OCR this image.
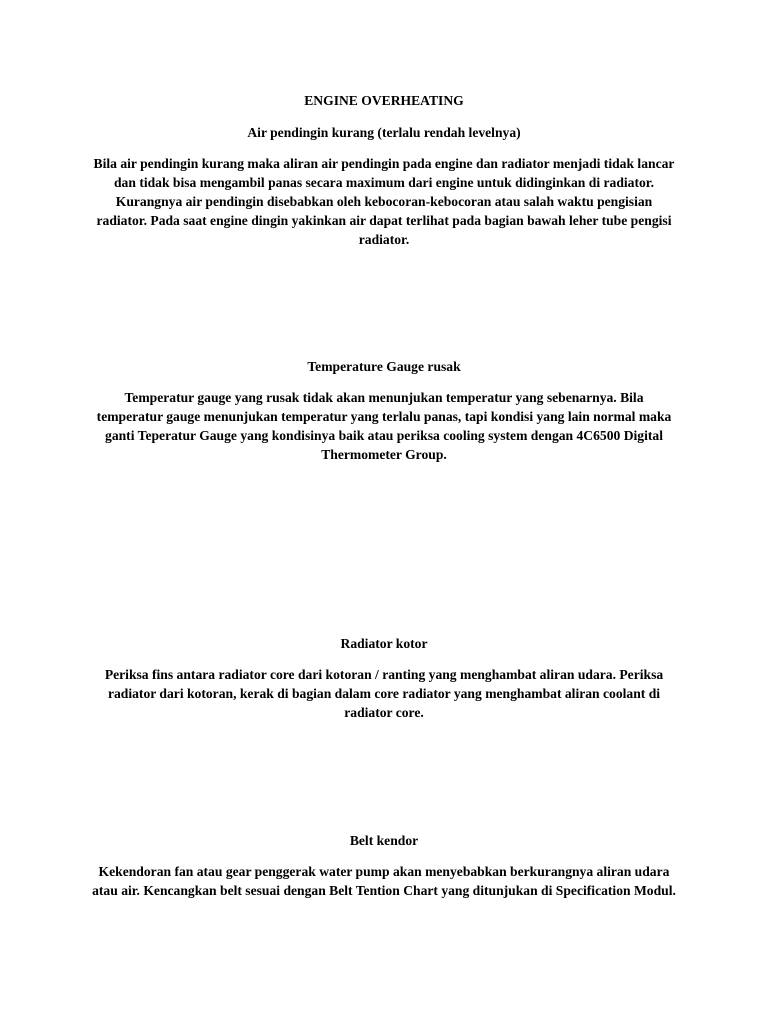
ENGINE OVERHEATING
Air pendingin kurang (terlalu rendah levelnya)

Bila air pendingin kurang maka aliran air pendingin pada engine dan radiator menjadi tidak lancar dan tidak bisa mengambil panas secara maximum dari engine untuk didinginkan di radiator. Kurangnya air pendingin disebabkan oleh kebocoran-kebocoran atau salah waktu pengisian radiator. Pada saat engine dingin yakinkan air dapat terlihat pada bagian bawah leher tube pengisi radiator.

Temperature Gauge rusak

Temperatur gauge yang rusak tidak akan menunjukan temperatur yang sebenarnya. Bila temperatur gauge menunjukan temperatur yang terlalu panas, tapi kondisi yang lain normal maka ganti Teperatur Gauge yang kondisinya baik atau periksa cooling system dengan 4C6500 Digital Thermometer Group.

Radiator kotor

Periksa fins antara radiator core dari kotoran / ranting yang menghambat aliran udara. Periksa radiator dari kotoran, kerak di bagian dalam core radiator yang menghambat aliran coolant di radiator core.

Belt kendor

Kekendoran fan atau gear penggerak water pump akan menyebabkan berkurangnya aliran udara atau air. Kencangkan belt sesuai dengan Belt Tention Chart yang ditunjukan di Specification Modul.
